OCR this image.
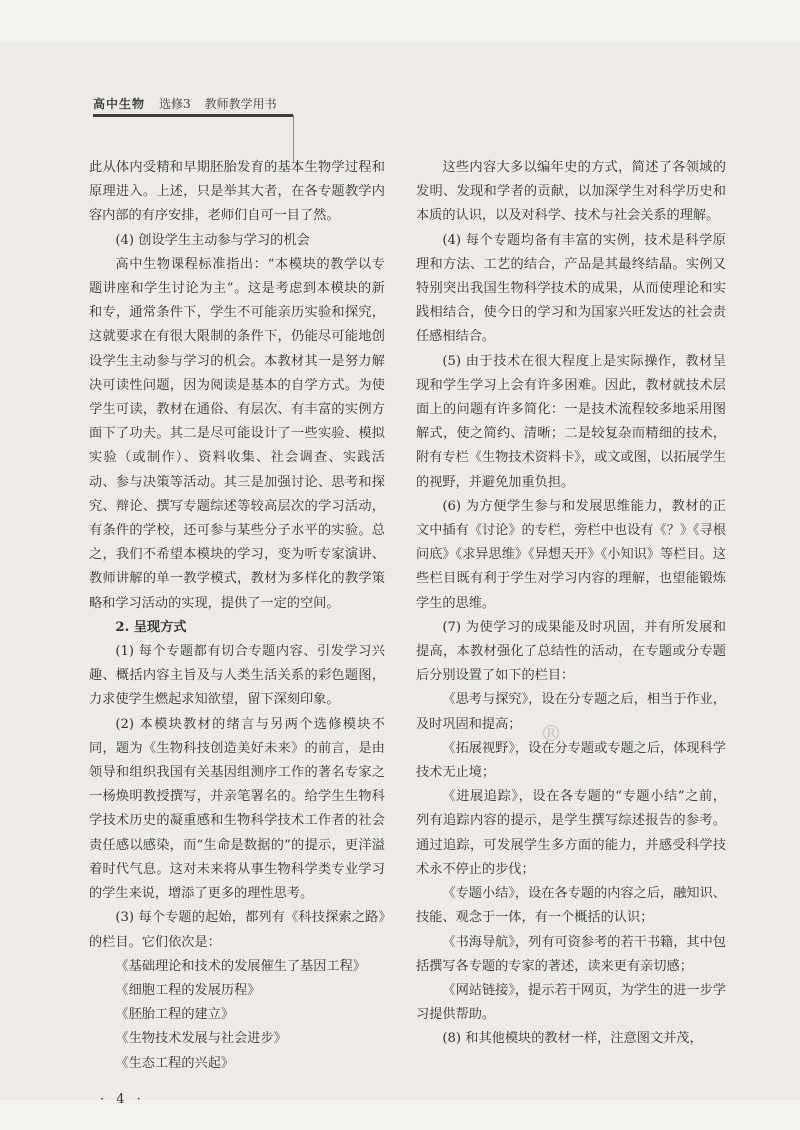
高中生物 选修3 教师教学用书

此从体内受精和早期胚胎发育的基本生物学过程和原理进入。上述，只是举其大者，在各专题教学内容内部的有序安排，老师们自可一目了然。

(4) 创设学生主动参与学习的机会

高中生物课程标准指出：“本模块的教学以专题讲座和学生讨论为主”。这是考虑到本模块的新和专，通常条件下，学生不可能亲历实验和探究，这就要求在有很大限制的条件下，仍能尽可能地创设学生主动参与学习的机会。本教材其一是努力解决可读性问题，因为阅读是基本的自学方式。为使学生可读，教材在通俗、有层次、有丰富的实例方面下了功夫。其二是尽可能设计了一些实验、模拟实验（或制作）、资料收集、社会调查、实践活动、参与决策等活动。其三是加强讨论、思考和探究、辩论、撰写专题综述等较高层次的学习活动，有条件的学校，还可参与某些分子水平的实验。总之，我们不希望本模块的学习，变为听专家演讲、教师讲解的单一教学模式，教材为多样化的教学策略和学习活动的实现，提供了一定的空间。

2. 呈现方式

(1) 每个专题都有切合专题内容、引发学习兴趣、概括内容主旨及与人类生活关系的彩色题图，力求使学生燃起求知欲望，留下深刻印象。

(2) 本模块教材的绪言与另两个选修模块不同，题为《生物科技创造美好未来》的前言，是由领导和组织我国有关基因组测序工作的著名专家之一杨焕明教授撰写，并亲笔署名的。给学生生物科学技术历史的凝重感和生物科学技术工作者的社会责任感以感染，而“生命是数据的”的提示，更洋溢着时代气息。这对未来将从事生物科学类专业学习的学生来说，增添了更多的理性思考。

(3) 每个专题的起始，都列有《科技探索之路》的栏目。它们依次是：

《基础理论和技术的发展催生了基因工程》

《细胞工程的发展历程》

《胚胎工程的建立》

《生物技术发展与社会进步》

《生态工程的兴起》

这些内容大多以编年史的方式，简述了各领域的发明、发现和学者的贡献，以加深学生对科学历史和本质的认识，以及对科学、技术与社会关系的理解。

(4) 每个专题均备有丰富的实例，技术是科学原理和方法、工艺的结合，产品是其最终结晶。实例又特别突出我国生物科学技术的成果，从而使理论和实践相结合，使今日的学习和为国家兴旺发达的社会责任感相结合。

(5) 由于技术在很大程度上是实际操作，教材呈现和学生学习上会有许多困难。因此，教材就技术层面上的问题有许多简化：一是技术流程较多地采用图解式，使之简约、清晰；二是较复杂而精细的技术，附有专栏《生物技术资料卡》，或文或图，以拓展学生的视野，并避免加重负担。

(6) 为方便学生参与和发展思维能力，教材的正文中插有《讨论》的专栏，旁栏中也设有《？》《寻根问底》《求异思维》《异想天开》《小知识》等栏目。这些栏目既有利于学生对学习内容的理解，也望能锻炼学生的思维。

(7) 为使学习的成果能及时巩固，并有所发展和提高，本教材强化了总结性的活动，在专题或分专题后分别设置了如下的栏目：

《思考与探究》，设在分专题之后，相当于作业，及时巩固和提高；

《拓展视野》，设在分专题或专题之后，体现科学技术无止境；

《进展追踪》，设在各专题的“专题小结”之前，列有追踪内容的提示，是学生撰写综述报告的参考。通过追踪，可发展学生多方面的能力，并感受科学技术永不停止的步伐；

《专题小结》，设在各专题的内容之后，融知识、技能、观念于一体，有一个概括的认识；

《书海导航》，列有可资参考的若干书籍，其中包括撰写各专题的专家的著述，读来更有亲切感；

《网站链接》，提示若干网页，为学生的进一步学习提供帮助。

(8) 和其他模块的教材一样，注意图文并茂，

®
· 4 ·
